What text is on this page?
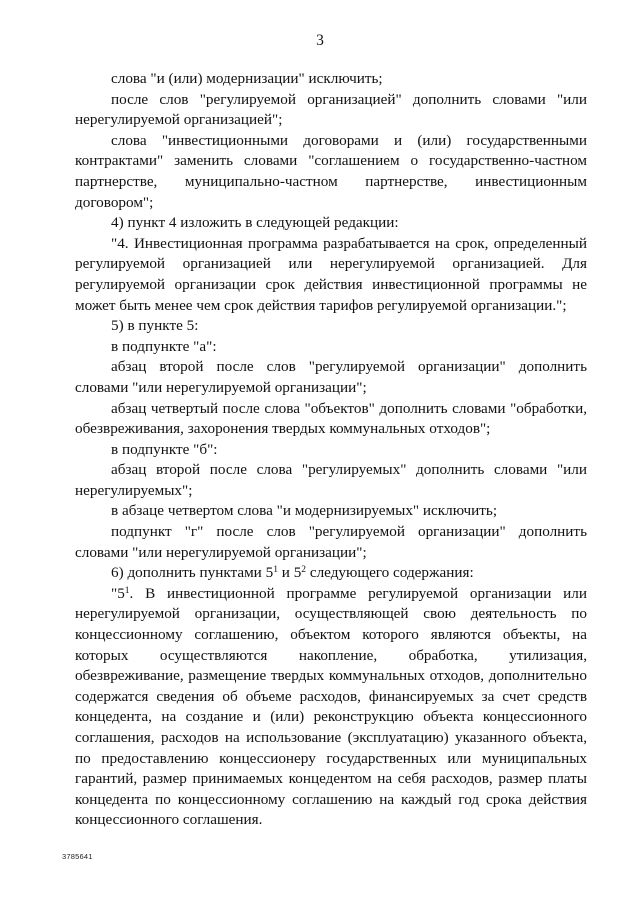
3

слова "и (или) модернизации" исключить;

после слов "регулируемой организацией" дополнить словами "или нерегулируемой организацией";

слова "инвестиционными договорами и (или) государственными контрактами" заменить словами "соглашением о государственно-частном партнерстве, муниципально-частном партнерстве, инвестиционным договором";

4) пункт 4 изложить в следующей редакции:

"4. Инвестиционная программа разрабатывается на срок, определенный регулируемой организацией или нерегулируемой организацией. Для регулируемой организации срок действия инвестиционной программы не может быть менее чем срок действия тарифов регулируемой организации.";

5) в пункте 5:

в подпункте "а":

абзац второй после слов "регулируемой организации" дополнить словами "или нерегулируемой организации";

абзац четвертый после слова "объектов" дополнить словами "обработки, обезвреживания, захоронения твердых коммунальных отходов";

в подпункте "б":

абзац второй после слова "регулируемых" дополнить словами "или нерегулируемых";

в абзаце четвертом слова "и модернизируемых" исключить;

подпункт "г" после слов "регулируемой организации" дополнить словами "или нерегулируемой организации";

6) дополнить пунктами $5^1$ и $5^2$ следующего содержания:

"$5^1$. В инвестиционной программе регулируемой организации или нерегулируемой организации, осуществляющей свою деятельность по концессионному соглашению, объектом которого являются объекты, на которых осуществляются накопление, обработка, утилизация, обезвреживание, размещение твердых коммунальных отходов, дополнительно содержатся сведения об объеме расходов, финансируемых за счет средств концедента, на создание и (или) реконструкцию объекта концессионного соглашения, расходов на использование (эксплуатацию) указанного объекта, по предоставлению концессионеру государственных или муниципальных гарантий, размер принимаемых концедентом на себя расходов, размер платы концедента по концессионному соглашению на каждый год срока действия концессионного соглашения.

3785641
